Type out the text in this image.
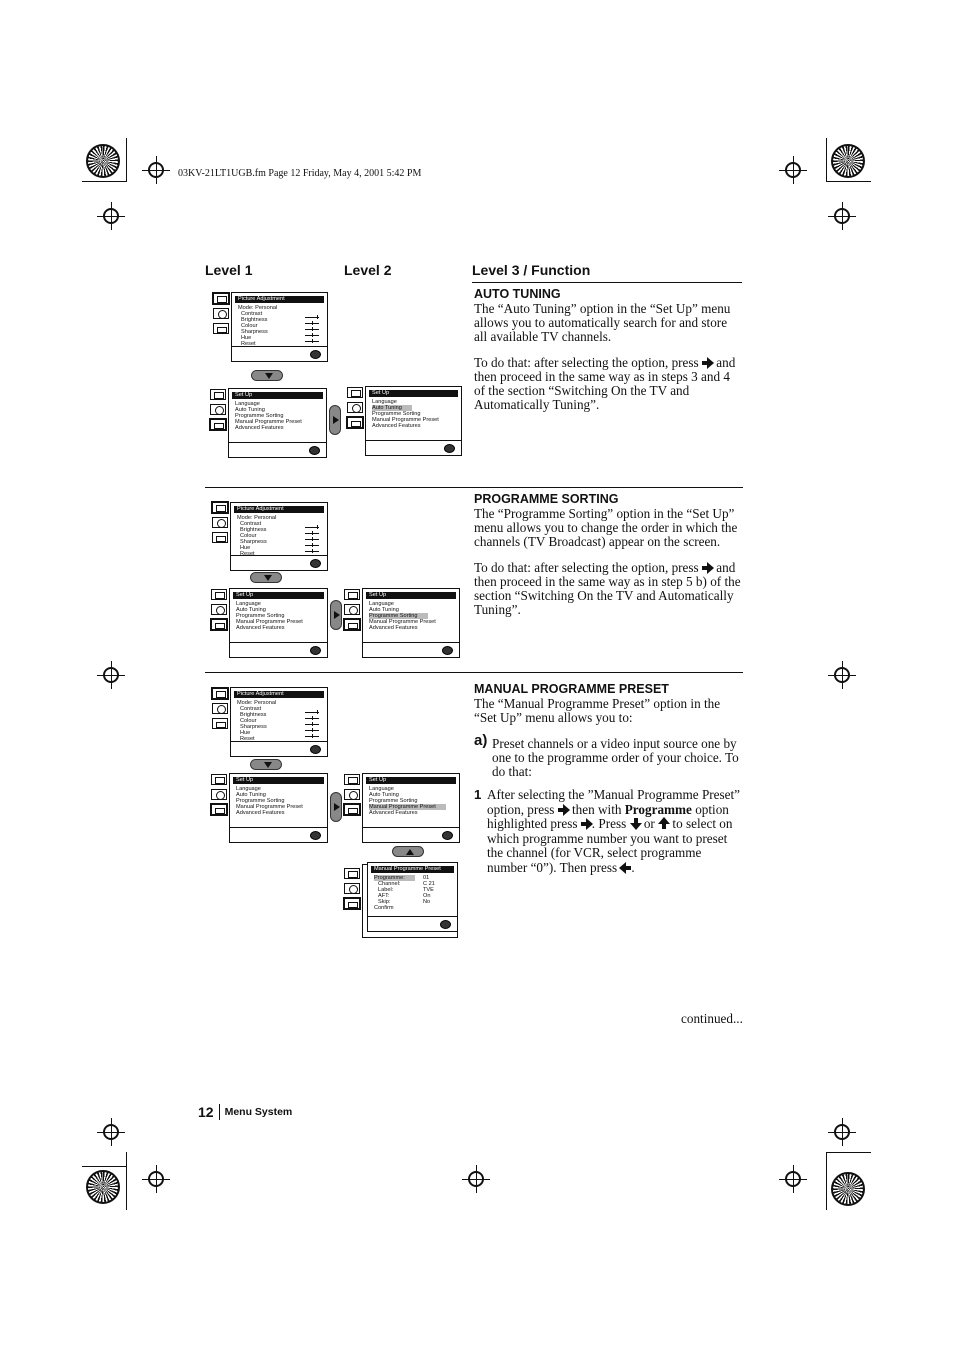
03KV-21LT1UGB.fm Page 12 Friday, May 4, 2001 5:42 PM
Level 1	Level 2	Level 3 / Function
Picture Adjustment
Mode: Personal
Contrast
Brightness
Colour
Sharpness
Hue
Reset
Set Up
Language
Auto Tuning
Programme Sorting
Manual Programme Preset
Advanced Features
Set Up
Language
Auto Tuning
Programme Sorting
Manual Programme Preset
Advanced Features
AUTO TUNING
The “Auto Tuning” option in the “Set Up” menu allows you to automatically search for and store all available TV channels.
To do that: after selecting the option, press and then proceed in the same way as in steps 3 and 4 of the section “Switching On the TV and Automatically Tuning”.
Picture Adjustment
Mode: Personal
Contrast
Brightness
Colour
Sharpness
Hue
Reset
Set Up
Language
Auto Tuning
Programme Sorting
Manual Programme Preset
Advanced Features
Set Up
Language
Auto Tuning
Programme Sorting
Manual Programme Preset
Advanced Features
PROGRAMME SORTING
The “Programme Sorting” option in the “Set Up” menu allows you to change the order in which the channels (TV Broadcast) appear on the screen.
To do that: after selecting the option, press and then proceed in the same way as in step 5 b) of the section “Switching On the TV and Automatically Tuning”.
Picture Adjustment
Mode: Personal
Contrast
Brightness
Colour
Sharpness
Hue
Reset
Set Up
Language
Auto Tuning
Programme Sorting
Manual Programme Preset
Advanced Features
Set Up
Language
Auto Tuning
Programme Sorting
Manual Programme Preset
Advanced Features
Manual Programme Preset
Programme:
Channel:
Label:
AFT:
Skip:
Confirm
01
C 21
TVE
On
No
MANUAL PROGRAMME PRESET
The “Manual Programme Preset” option in the “Set Up” menu allows you to:
a) Preset channels or a video input source one by one to the programme order of your choice. To do that:
1 After selecting the ”Manual Programme Preset” option, press then with Programme option highlighted press . Press or to select on which programme number you want to preset the channel (for VCR, select programme number “0”). Then press .
continued...
12 Menu System
